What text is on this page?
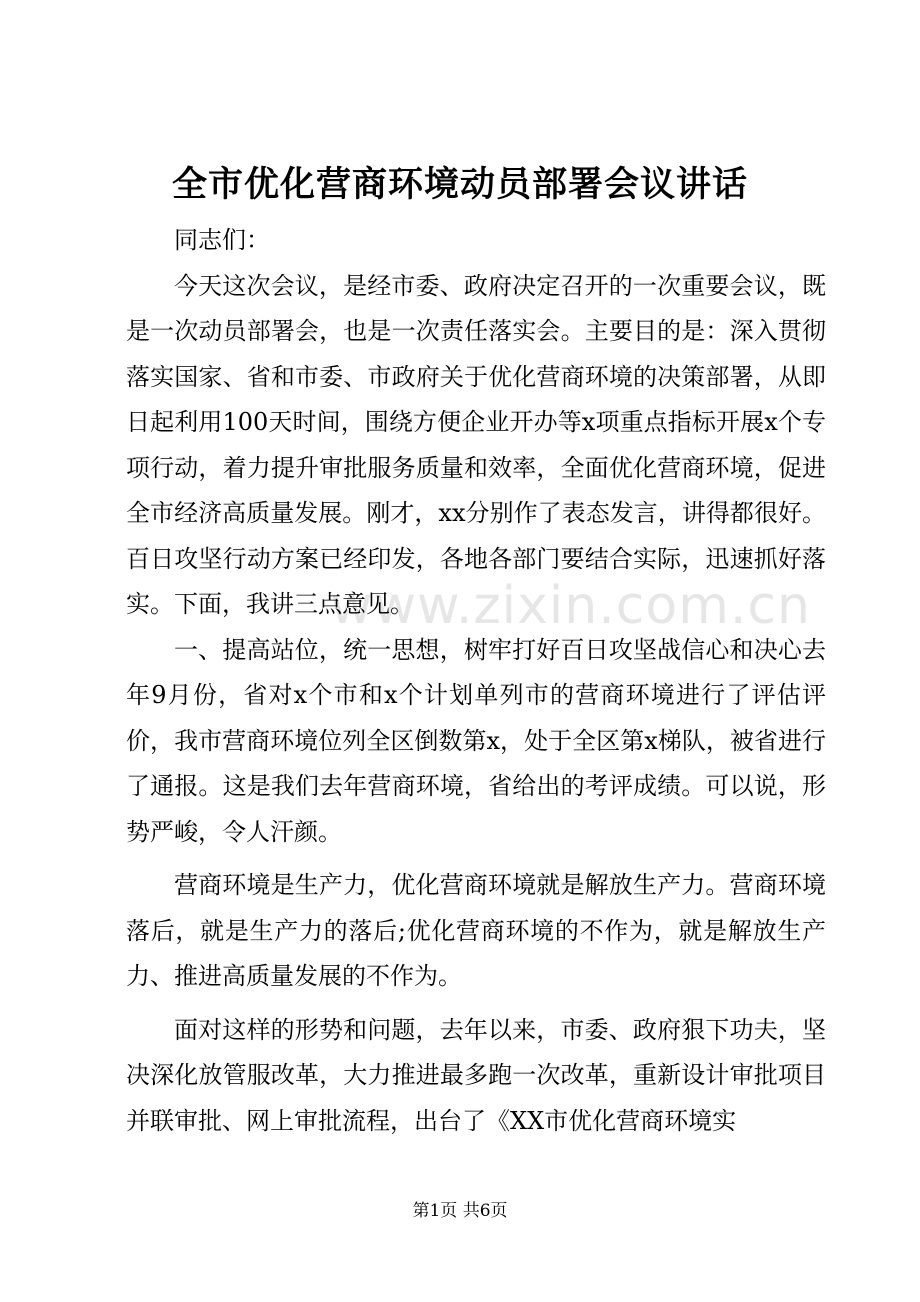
www.zixin.com.cn
全市优化营商环境动员部署会议讲话

同志们：

今天这次会议，是经市委、政府决定召开的一次重要会议，既是一次动员部署会，也是一次责任落实会。主要目的是：深入贯彻落实国家、省和市委、市政府关于优化营商环境的决策部署，从即日起利用100天时间，围绕方便企业开办等x项重点指标开展x个专项行动，着力提升审批服务质量和效率，全面优化营商环境，促进全市经济高质量发展。刚才，xx分别作了表态发言，讲得都很好。百日攻坚行动方案已经印发，各地各部门要结合实际，迅速抓好落实。下面，我讲三点意见。

一、提高站位，统一思想，树牢打好百日攻坚战信心和决心去年9月份，省对x个市和x个计划单列市的营商环境进行了评估评价，我市营商环境位列全区倒数第x，处于全区第x梯队，被省进行了通报。这是我们去年营商环境，省给出的考评成绩。可以说，形势严峻，令人汗颜。

营商环境是生产力，优化营商环境就是解放生产力。营商环境落后，就是生产力的落后;优化营商环境的不作为，就是解放生产力、推进高质量发展的不作为。

面对这样的形势和问题，去年以来，市委、政府狠下功夫，坚决深化放管服改革，大力推进最多跑一次改革，重新设计审批项目并联审批、网上审批流程，出台了《XX市优化营商环境实

第1页 共6页
